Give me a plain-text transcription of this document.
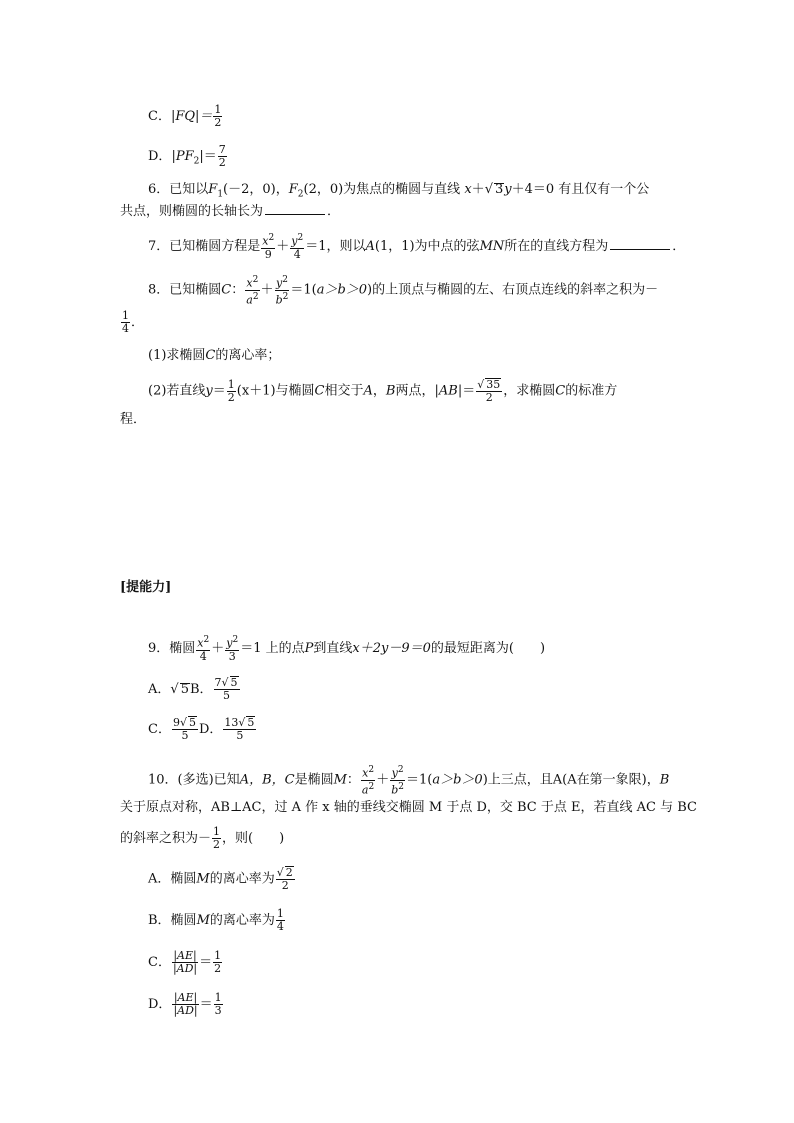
C．$|FQ|= \frac{1}{2}$
D．$|PF_2|= \frac{7}{2}$
6．已知以$F_1(-2$，0)，$F_2(2$，0)为焦点的椭圆与直线 x＋√ 3y＋4＝0 有且仅有一个公
共点，则椭圆的长轴长为	．
7．已知椭圆方程是 $\frac{x^2}{9} + \frac{y^2}{4} =1$，则以A(1，1)为中点的弦MN所在的直线方程为	．
8．已知椭圆C： $\frac{x^2}{a^2} + \frac{y^2}{b^2} =1(a>b>0)$的上顶点与椭圆的左、右顶点连线的斜率之积为－
$\frac{1}{4}$ ．
(1)求椭圆C的离心率；
(2)若直线$y= \frac{1}{2} (x+1)$与椭圆C相交于A，B两点，$|AB|= \frac{√ 35}{2}$ ，求椭圆C的标准方
程．
[提能力]
9．椭圆 $\frac{x^2}{4} + \frac{y^2}{3} =1$ 上的点P到直线x＋2y－9＝0的最短距离为(　　)
A．√ 5B． $\frac{7√ 5}{5}$
C． $\frac{9√ 5}{5}$ D． $\frac{13√ 5}{5}$
10．(多选)已知A，B，C是椭圆M： $\frac{x^2}{a^2} + \frac{y^2}{b^2} =1(a>b>0)$上三点，且A(A在第一象限)，B
关于原点对称，AB⊥AC，过 A 作 x 轴的垂线交椭圆 M 于点 D，交 BC 于点 E，若直线 AC 与 BC
的斜率之积为－ $\frac{1}{2}$ ，则(　　)
A．椭圆M的离心率为 $\frac{√ 2}{2}$
B．椭圆M的离心率为 $\frac{1}{4}$
C． $\frac{|AE|}{|AD|} = \frac{1}{2}$
D． $\frac{|AE|}{|AD|} = \frac{1}{3}$
